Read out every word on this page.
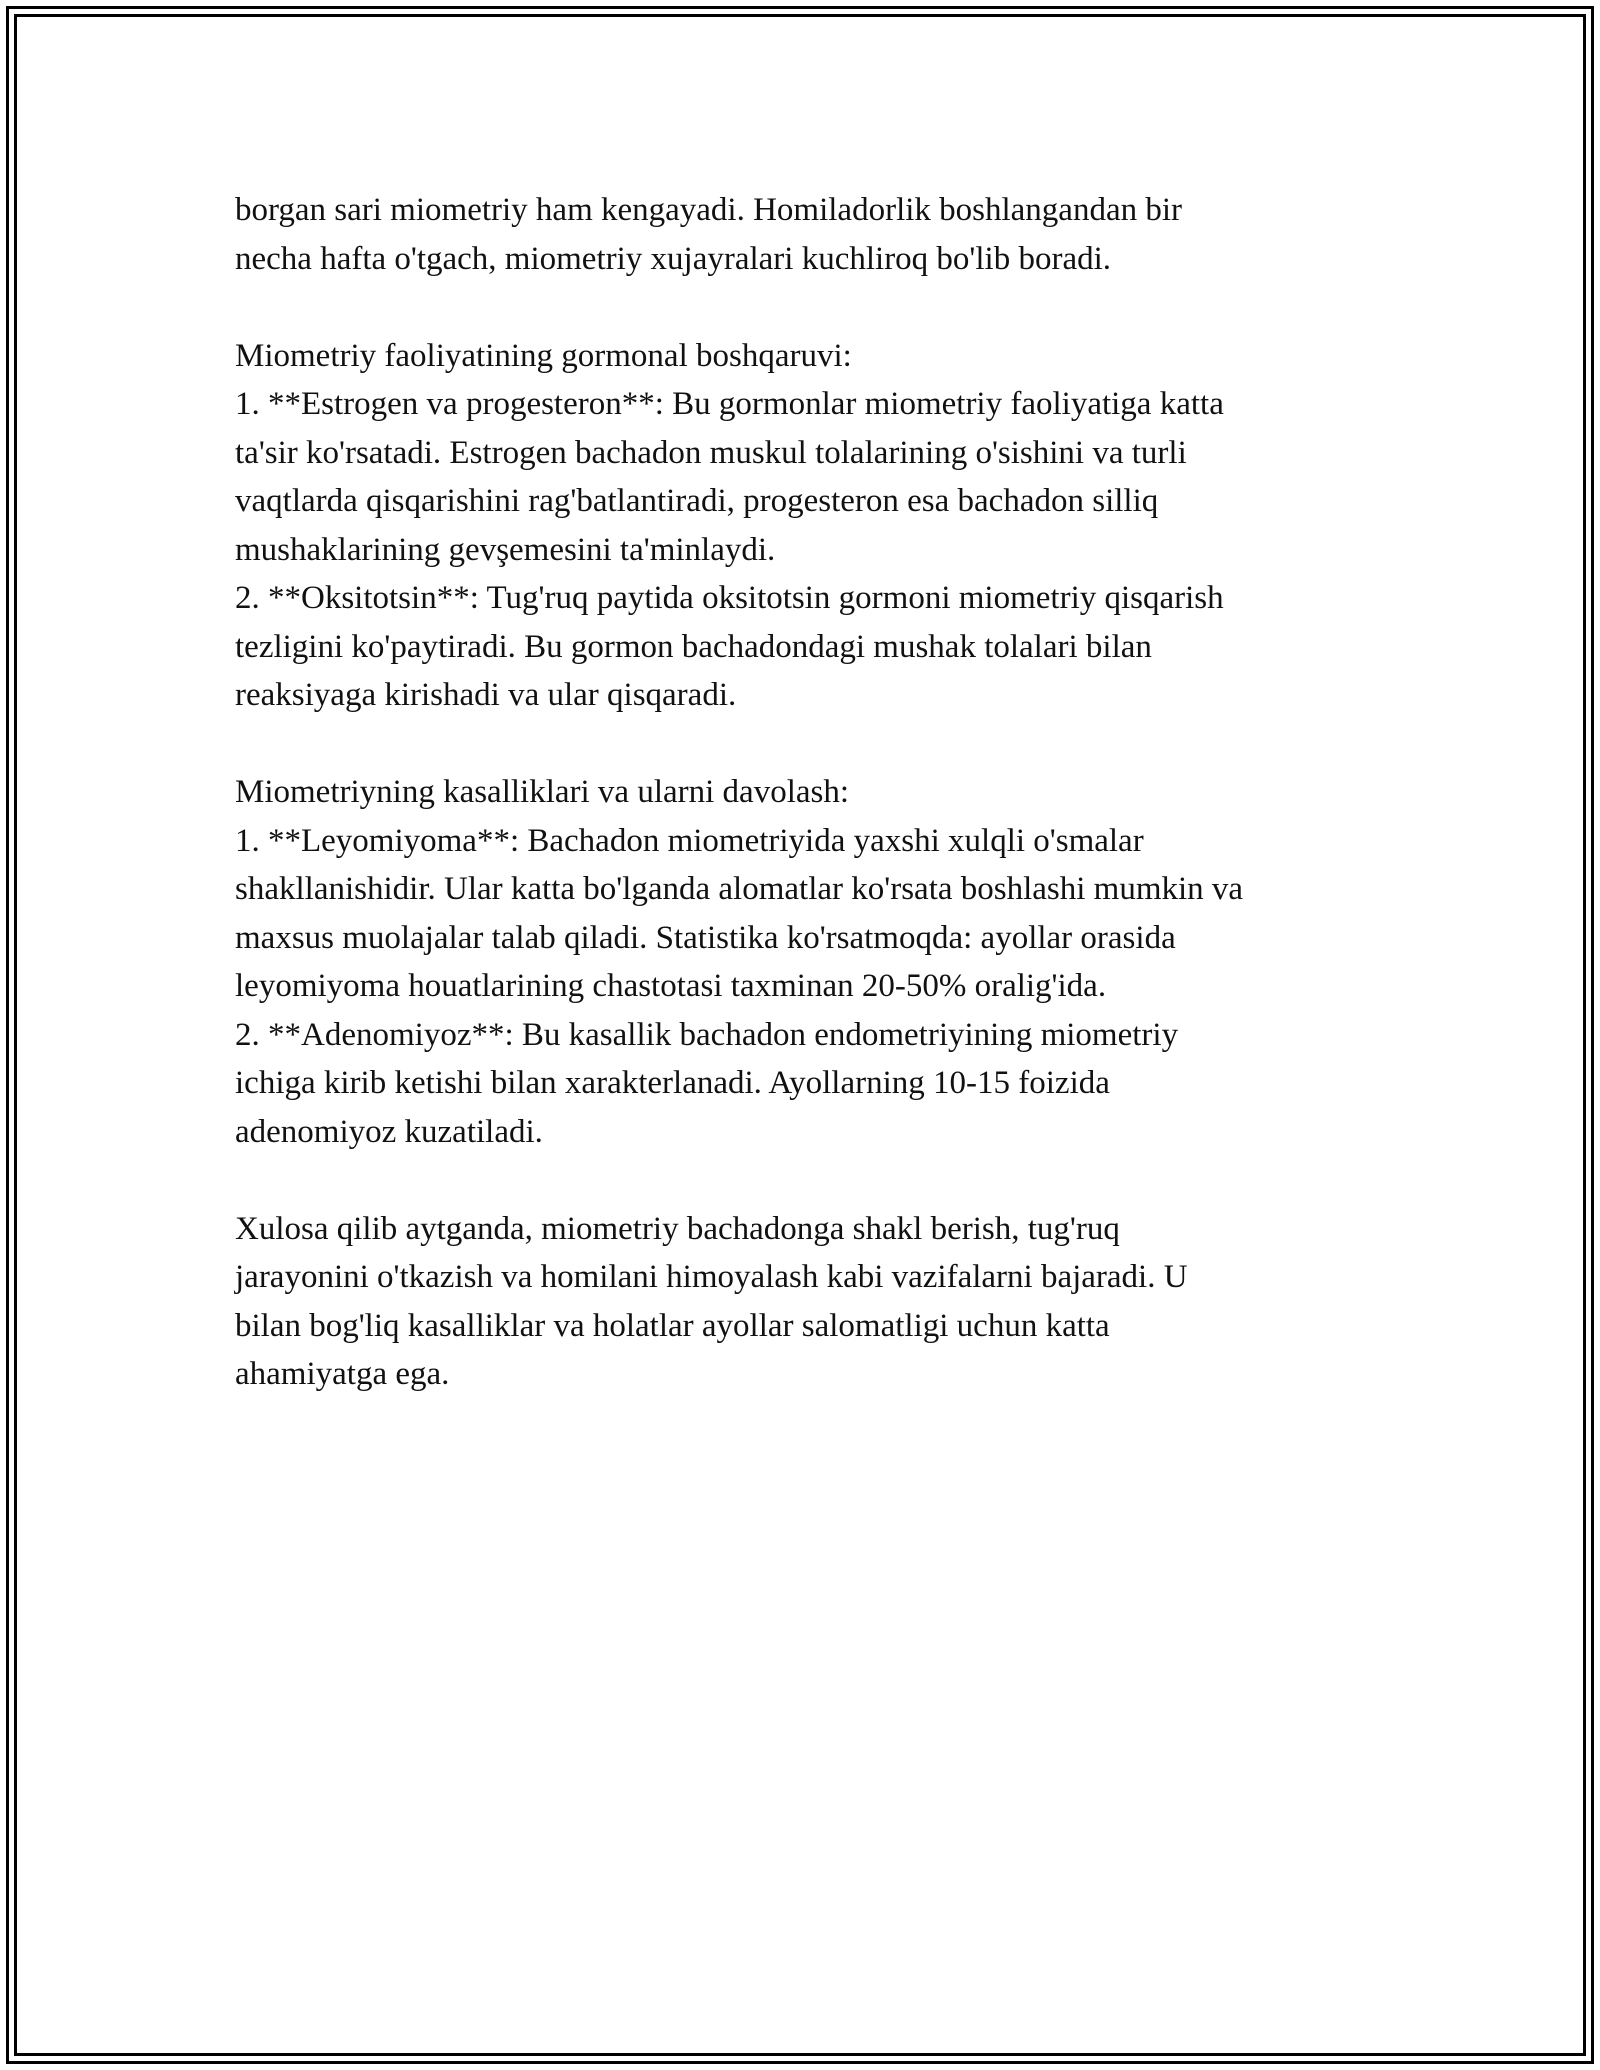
borgan sari miometriy ham kengayadi. Homiladorlik boshlangandan bir
necha hafta o'tgach, miometriy xujayralari kuchliroq bo'lib boradi.
Miometriy faoliyatining gormonal boshqaruvi:
1. **Estrogen va progesteron**: Bu gormonlar miometriy faoliyatiga katta
ta'sir ko'rsatadi. Estrogen bachadon muskul tolalarining o'sishini va turli
vaqtlarda qisqarishini rag'batlantiradi, progesteron esa bachadon silliq
mushaklarining gevşemesini ta'minlaydi.
2. **Oksitotsin**: Tug'ruq paytida oksitotsin gormoni miometriy qisqarish
tezligini ko'paytiradi. Bu gormon bachadondagi mushak tolalari bilan
reaksiyaga kirishadi va ular qisqaradi.
Miometriyning kasalliklari va ularni davolash:
1. **Leyomiyoma**: Bachadon miometriyida yaxshi xulqli o'smalar
shakllanishidir. Ular katta bo'lganda alomatlar ko'rsata boshlashi mumkin va
maxsus muolajalar talab qiladi. Statistika ko'rsatmoqda: ayollar orasida
leyomiyoma houatlarining chastotasi taxminan 20-50% oralig'ida.
2. **Adenomiyoz**: Bu kasallik bachadon endometriyining miometriy
ichiga kirib ketishi bilan xarakterlanadi. Ayollarning 10-15 foizida
adenomiyoz kuzatiladi.
Xulosa qilib aytganda, miometriy bachadonga shakl berish, tug'ruq
jarayonini o'tkazish va homilani himoyalash kabi vazifalarni bajaradi. U
bilan bog'liq kasalliklar va holatlar ayollar salomatligi uchun katta
ahamiyatga ega.
